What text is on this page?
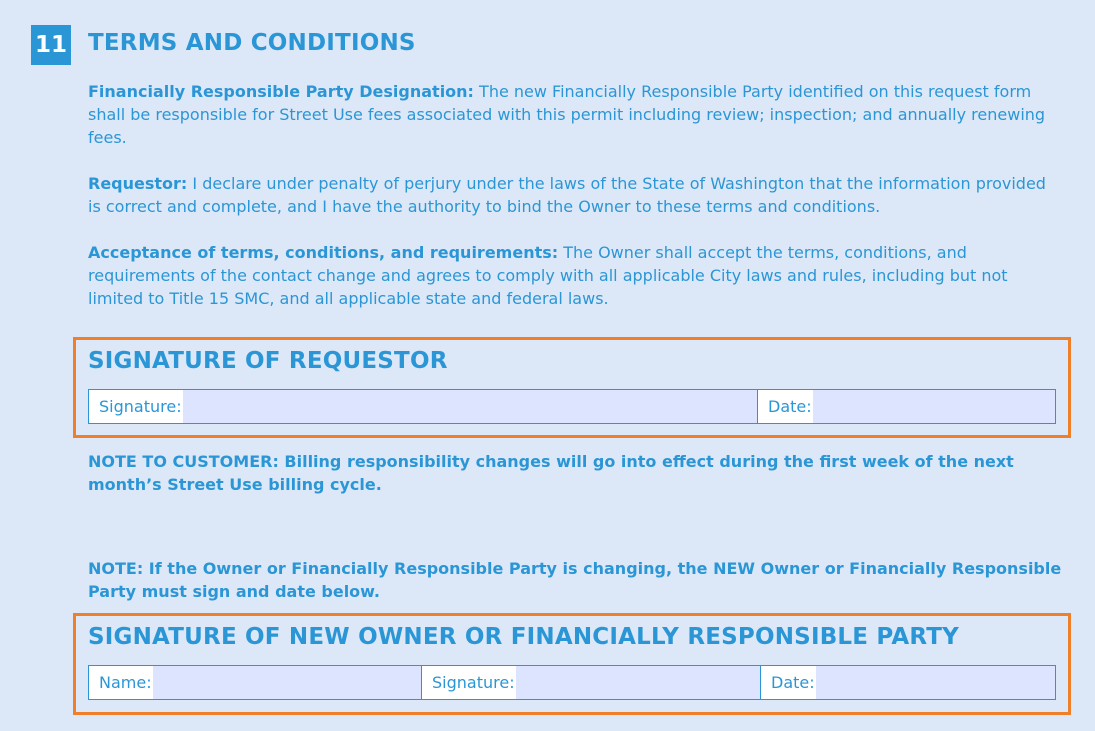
11 TERMS AND CONDITIONS
Financially Responsible Party Designation: The new Financially Responsible Party identified on this request form shall be responsible for Street Use fees associated with this permit including review; inspection; and annually renewing fees.
Requestor: I declare under penalty of perjury under the laws of the State of Washington that the information provided is correct and complete, and I have the authority to bind the Owner to these terms and conditions.
Acceptance of terms, conditions, and requirements: The Owner shall accept the terms, conditions, and requirements of the contact change and agrees to comply with all applicable City laws and rules, including but not limited to Title 15 SMC, and all applicable state and federal laws.
SIGNATURE OF REQUESTOR
Signature:	Date:
NOTE TO CUSTOMER: Billing responsibility changes will go into effect during the first week of the next month’s Street Use billing cycle.
NOTE: If the Owner or Financially Responsible Party is changing, the NEW Owner or Financially Responsible Party must sign and date below.
SIGNATURE OF NEW OWNER OR FINANCIALLY RESPONSIBLE PARTY
Name:	Signature:	Date:
